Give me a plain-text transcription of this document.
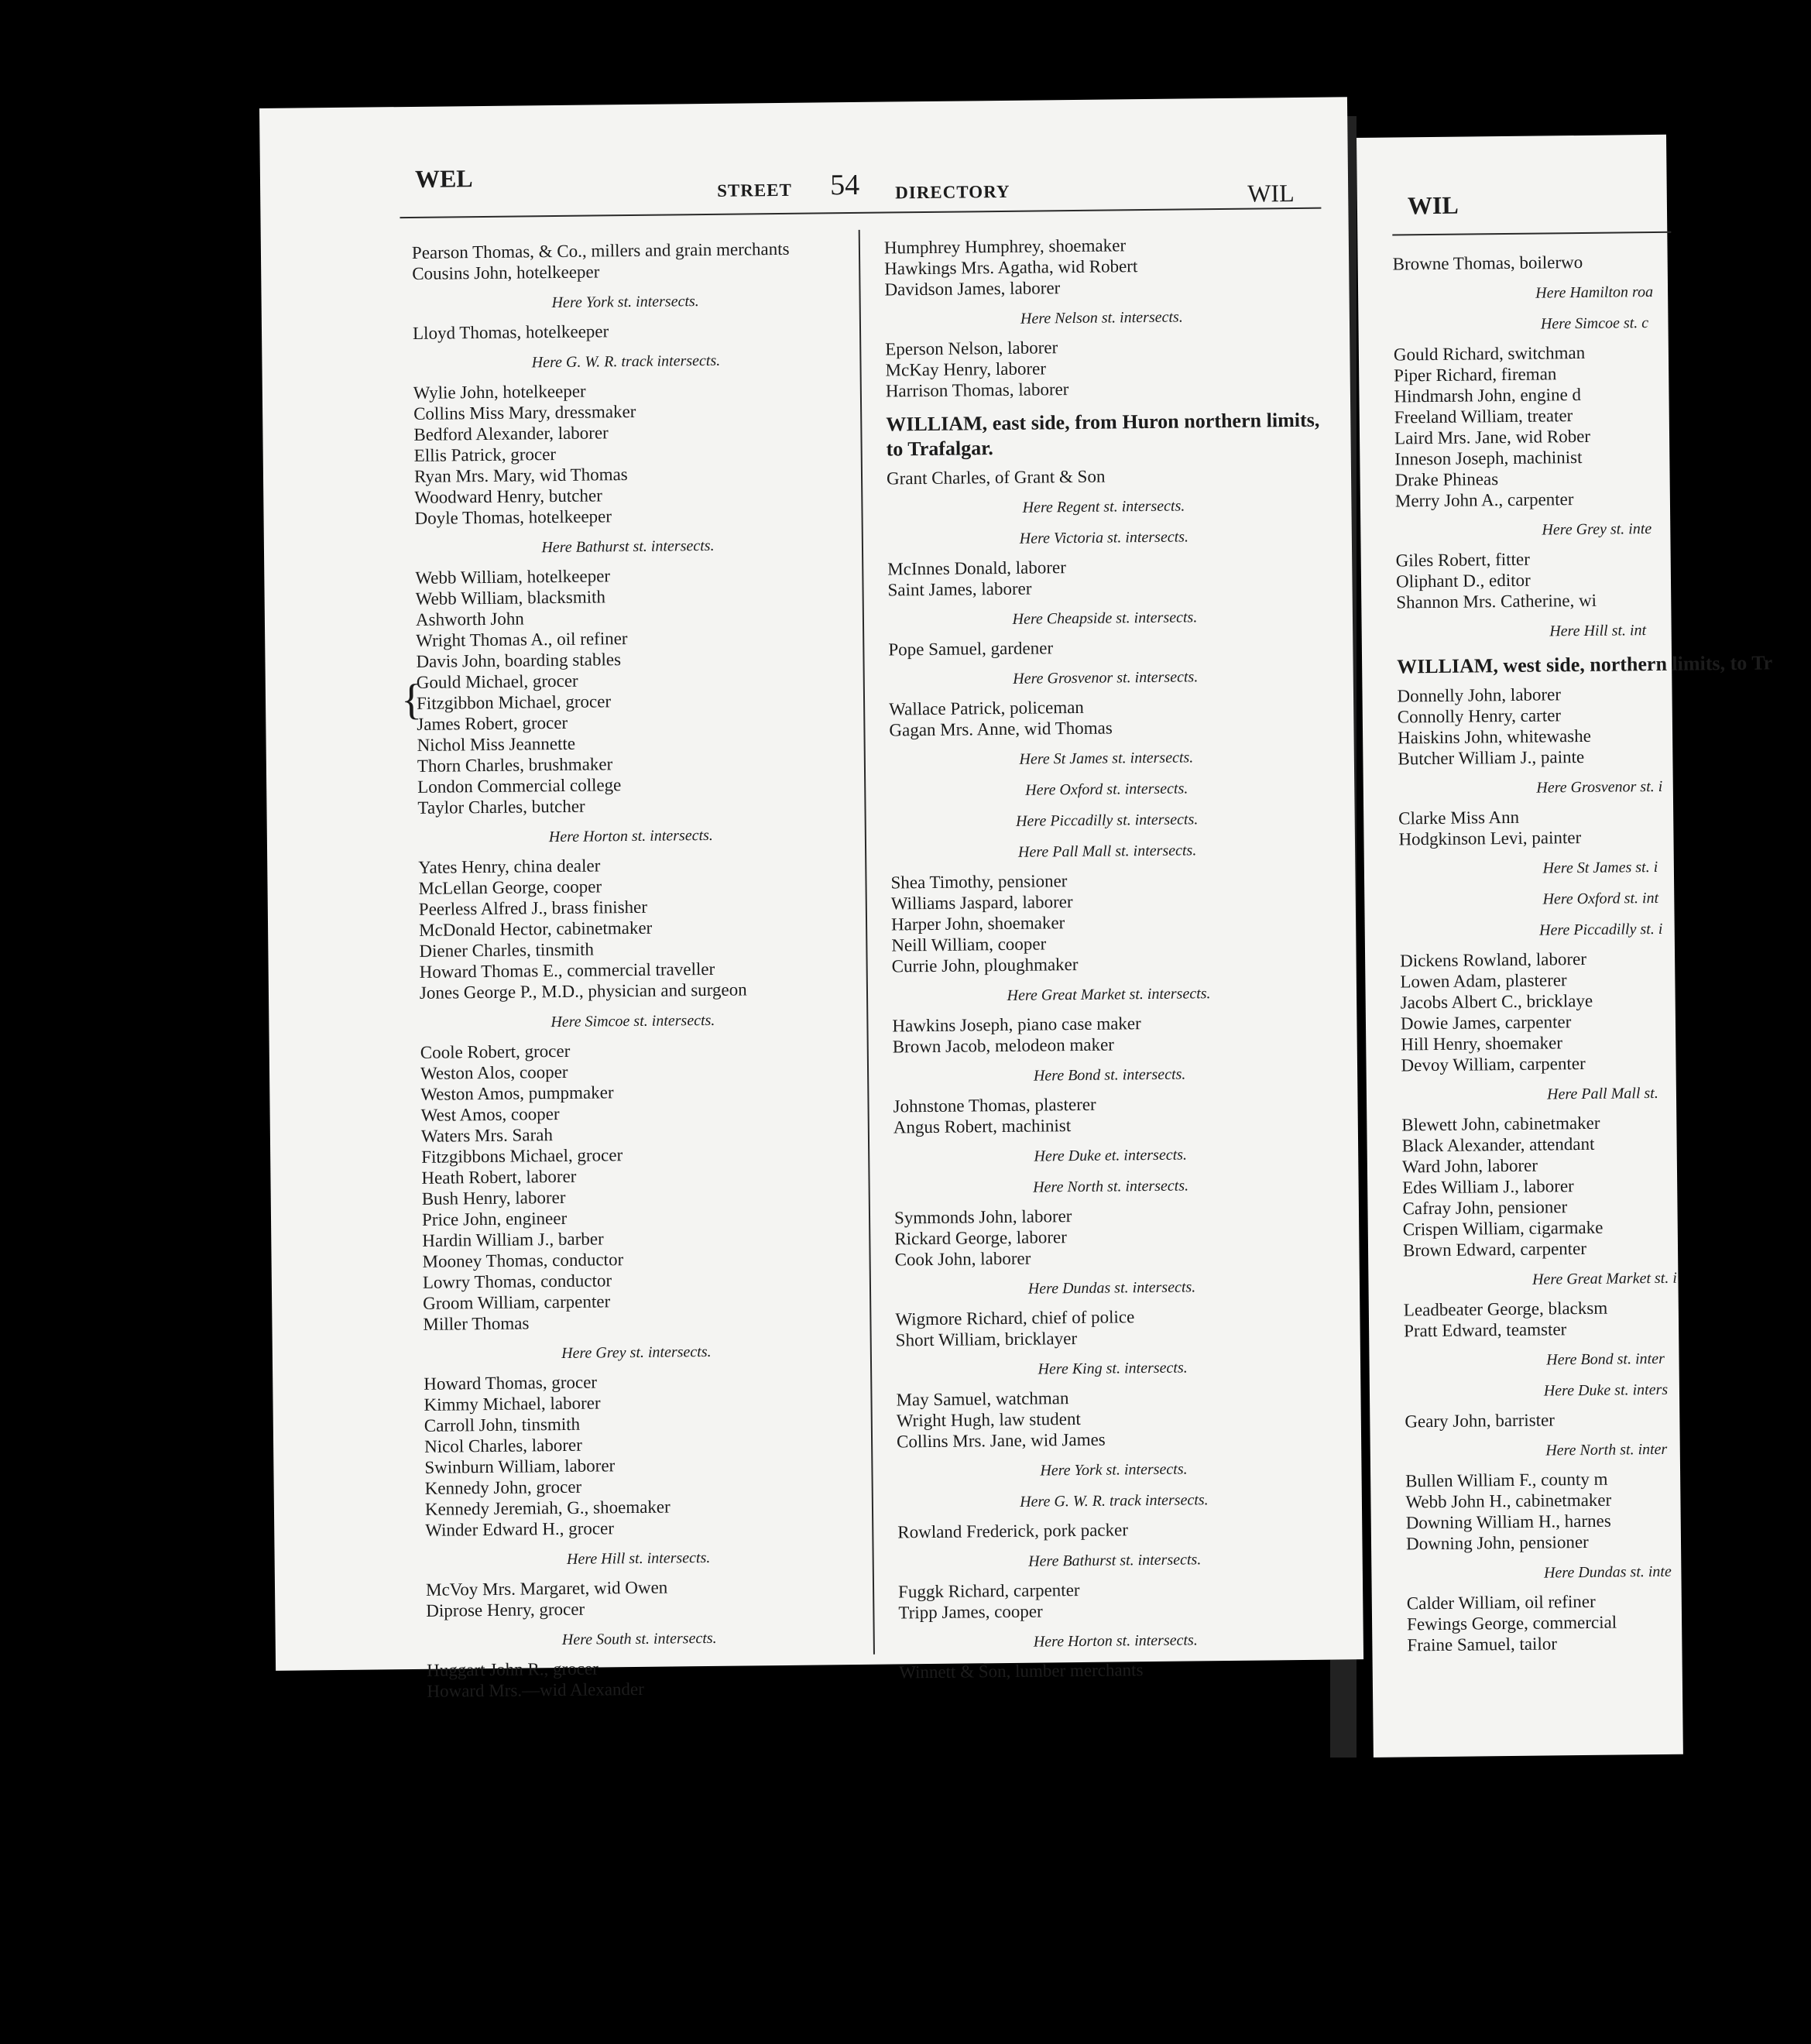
WEL	STREET 54 DIRECTORY	WIL
{
Pearson Thomas, & Co., millers and grain merchants
Cousins John, hotelkeeper
Here York st. intersects.
Lloyd Thomas, hotelkeeper
Here G. W. R. track intersects.
Wylie John, hotelkeeper
Collins Miss Mary, dressmaker
Bedford Alexander, laborer
Ellis Patrick, grocer
Ryan Mrs. Mary, wid Thomas
Woodward Henry, butcher
Doyle Thomas, hotelkeeper
Here Bathurst st. intersects.
Webb William, hotelkeeper
Webb William, blacksmith
Ashworth John
Wright Thomas A., oil refiner
Davis John, boarding stables
Gould Michael, grocer
Fitzgibbon Michael, grocer
James Robert, grocer
Nichol Miss Jeannette
Thorn Charles, brushmaker
London Commercial college
Taylor Charles, butcher
Here Horton st. intersects.
Yates Henry, china dealer
McLellan George, cooper
Peerless Alfred J., brass finisher
McDonald Hector, cabinetmaker
Diener Charles, tinsmith
Howard Thomas E., commercial traveller
Jones George P., M.D., physician and surgeon
Here Simcoe st. intersects.
Coole Robert, grocer
Weston Alos, cooper
Weston Amos, pumpmaker
West Amos, cooper
Waters Mrs. Sarah
Fitzgibbons Michael, grocer
Heath Robert, laborer
Bush Henry, laborer
Price John, engineer
Hardin William J., barber
Mooney Thomas, conductor
Lowry Thomas, conductor
Groom William, carpenter
Miller Thomas
Here Grey st. intersects.
Howard Thomas, grocer
Kimmy Michael, laborer
Carroll John, tinsmith
Nicol Charles, laborer
Swinburn William, laborer
Kennedy John, grocer
Kennedy Jeremiah, G., shoemaker
Winder Edward H., grocer
Here Hill st. intersects.
McVoy Mrs. Margaret, wid Owen
Diprose Henry, grocer
Here South st. intersects.
Huggart John R., grocer
Howard Mrs.—wid Alexander
Humphrey Humphrey, shoemaker
Hawkings Mrs. Agatha, wid Robert
Davidson James, laborer
Here Nelson st. intersects.
Eperson Nelson, laborer
McKay Henry, laborer
Harrison Thomas, laborer
WILLIAM, east side, from Huron northern limits, to Trafalgar.
Grant Charles, of Grant & Son
Here Regent st. intersects.
Here Victoria st. intersects.
McInnes Donald, laborer
Saint James, laborer
Here Cheapside st. intersects.
Pope Samuel, gardener
Here Grosvenor st. intersects.
Wallace Patrick, policeman
Gagan Mrs. Anne, wid Thomas
Here St James st. intersects.
Here Oxford st. intersects.
Here Piccadilly st. intersects.
Here Pall Mall st. intersects.
Shea Timothy, pensioner
Williams Jaspard, laborer
Harper John, shoemaker
Neill William, cooper
Currie John, ploughmaker
Here Great Market st. intersects.
Hawkins Joseph, piano case maker
Brown Jacob, melodeon maker
Here Bond st. intersects.
Johnstone Thomas, plasterer
Angus Robert, machinist
Here Duke et. intersects.
Here North st. intersects.
Symmonds John, laborer
Rickard George, laborer
Cook John, laborer
Here Dundas st. intersects.
Wigmore Richard, chief of police
Short William, bricklayer
Here King st. intersects.
May Samuel, watchman
Wright Hugh, law student
Collins Mrs. Jane, wid James
Here York st. intersects.
Here G. W. R. track intersects.
Rowland Frederick, pork packer
Here Bathurst st. intersects.
Fuggk Richard, carpenter
Tripp James, cooper
Here Horton st. intersects.
Winnett & Son, lumber merchants
WIL
Browne Thomas, boilerwo
Here Hamilton roa
Here Simcoe st. c
Gould Richard, switchman
Piper Richard, fireman
Hindmarsh John, engine d
Freeland William, treater
Laird Mrs. Jane, wid Rober
Inneson Joseph, machinist
Drake Phineas
Merry John A., carpenter
Here Grey st. inte
Giles Robert, fitter
Oliphant D., editor
Shannon Mrs. Catherine, wi
Here Hill st. int
WILLIAM, west side, northern limits, to Tr
Donnelly John, laborer
Connolly Henry, carter
Haiskins John, whitewashe
Butcher William J., painte
Here Grosvenor st. i
Clarke Miss Ann
Hodgkinson Levi, painter
Here St James st. i
Here Oxford st. int
Here Piccadilly st. i
Dickens Rowland, laborer
Lowen Adam, plasterer
Jacobs Albert C., bricklaye
Dowie James, carpenter
Hill Henry, shoemaker
Devoy William, carpenter
Here Pall Mall st.
Blewett John, cabinetmaker
Black Alexander, attendant
Ward John, laborer
Edes William J., laborer
Cafray John, pensioner
Crispen William, cigarmake
Brown Edward, carpenter
Here Great Market st. i
Leadbeater George, blacksm
Pratt Edward, teamster
Here Bond st. inter
Here Duke st. inters
Geary John, barrister
Here North st. inter
Bullen William F., county m
Webb John H., cabinetmaker
Downing William H., harnes
Downing John, pensioner
Here Dundas st. inte
Calder William, oil refiner
Fewings George, commercial
Fraine Samuel, tailor
